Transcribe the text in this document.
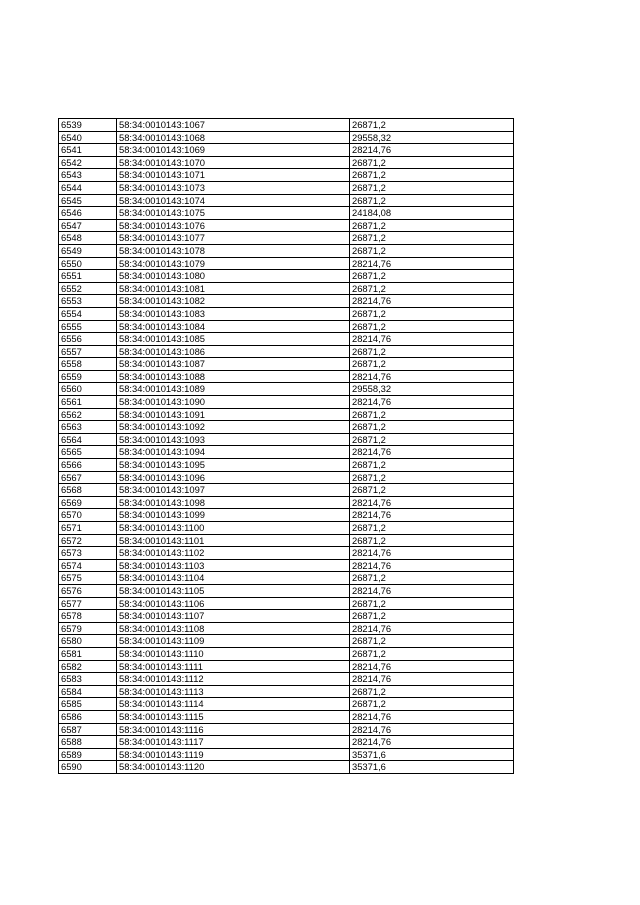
6539	58:34:0010143:1067	26871,2
6540	58:34:0010143:1068	29558,32
6541	58:34:0010143:1069	28214,76
6542	58:34:0010143:1070	26871,2
6543	58:34:0010143:1071	26871,2
6544	58:34:0010143:1073	26871,2
6545	58:34:0010143:1074	26871,2
6546	58:34:0010143:1075	24184,08
6547	58:34:0010143:1076	26871,2
6548	58:34:0010143:1077	26871,2
6549	58:34:0010143:1078	26871,2
6550	58:34:0010143:1079	28214,76
6551	58:34:0010143:1080	26871,2
6552	58:34:0010143:1081	26871,2
6553	58:34:0010143:1082	28214,76
6554	58:34:0010143:1083	26871,2
6555	58:34:0010143:1084	26871,2
6556	58:34:0010143:1085	28214,76
6557	58:34:0010143:1086	26871,2
6558	58:34:0010143:1087	26871,2
6559	58:34:0010143:1088	28214,76
6560	58:34:0010143:1089	29558,32
6561	58:34:0010143:1090	28214,76
6562	58:34:0010143:1091	26871,2
6563	58:34:0010143:1092	26871,2
6564	58:34:0010143:1093	26871,2
6565	58:34:0010143:1094	28214,76
6566	58:34:0010143:1095	26871,2
6567	58:34:0010143:1096	26871,2
6568	58:34:0010143:1097	26871,2
6569	58:34:0010143:1098	28214,76
6570	58:34:0010143:1099	28214,76
6571	58:34:0010143:1100	26871,2
6572	58:34:0010143:1101	26871,2
6573	58:34:0010143:1102	28214,76
6574	58:34:0010143:1103	28214,76
6575	58:34:0010143:1104	26871,2
6576	58:34:0010143:1105	28214,76
6577	58:34:0010143:1106	26871,2
6578	58:34:0010143:1107	26871,2
6579	58:34:0010143:1108	28214,76
6580	58:34:0010143:1109	26871,2
6581	58:34:0010143:1110	26871,2
6582	58:34:0010143:1111	28214,76
6583	58:34:0010143:1112	28214,76
6584	58:34:0010143:1113	26871,2
6585	58:34:0010143:1114	26871,2
6586	58:34:0010143:1115	28214,76
6587	58:34:0010143:1116	28214,76
6588	58:34:0010143:1117	28214,76
6589	58:34:0010143:1119	35371,6
6590	58:34:0010143:1120	35371,6
